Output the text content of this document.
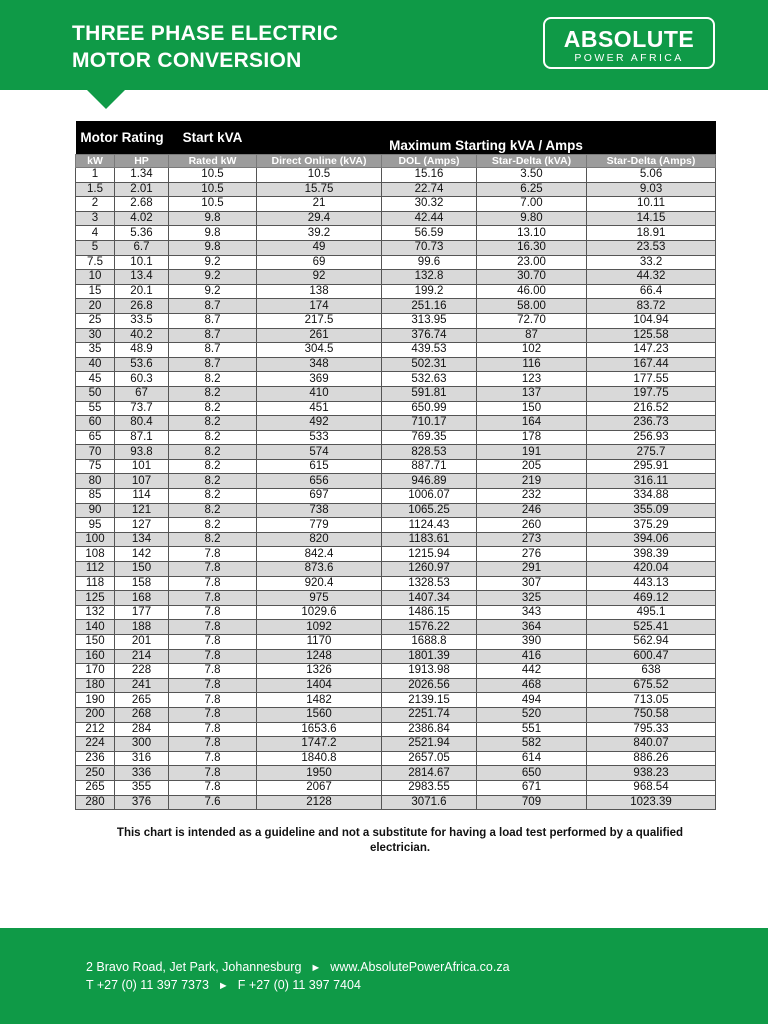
THREE PHASE ELECTRIC
MOTOR CONVERSION
ABSOLUTE
POWER AFRICA
Motor Rating		Start kVA	Maximum Starting kVA / Amps			
kW	HP	Rated kW	Direct Online (kVA)	DOL (Amps)	Star-Delta (kVA)	Star-Delta (Amps)
1	1.34	10.5	10.5	15.16	3.50	5.06
1.5	2.01	10.5	15.75	22.74	6.25	9.03
2	2.68	10.5	21	30.32	7.00	10.11
3	4.02	9.8	29.4	42.44	9.80	14.15
4	5.36	9.8	39.2	56.59	13.10	18.91
5	6.7	9.8	49	70.73	16.30	23.53
7.5	10.1	9.2	69	99.6	23.00	33.2
10	13.4	9.2	92	132.8	30.70	44.32
15	20.1	9.2	138	199.2	46.00	66.4
20	26.8	8.7	174	251.16	58.00	83.72
25	33.5	8.7	217.5	313.95	72.70	104.94
30	40.2	8.7	261	376.74	87	125.58
35	48.9	8.7	304.5	439.53	102	147.23
40	53.6	8.7	348	502.31	116	167.44
45	60.3	8.2	369	532.63	123	177.55
50	67	8.2	410	591.81	137	197.75
55	73.7	8.2	451	650.99	150	216.52
60	80.4	8.2	492	710.17	164	236.73
65	87.1	8.2	533	769.35	178	256.93
70	93.8	8.2	574	828.53	191	275.7
75	101	8.2	615	887.71	205	295.91
80	107	8.2	656	946.89	219	316.11
85	114	8.2	697	1006.07	232	334.88
90	121	8.2	738	1065.25	246	355.09
95	127	8.2	779	1124.43	260	375.29
100	134	8.2	820	1183.61	273	394.06
108	142	7.8	842.4	1215.94	276	398.39
112	150	7.8	873.6	1260.97	291	420.04
118	158	7.8	920.4	1328.53	307	443.13
125	168	7.8	975	1407.34	325	469.12
132	177	7.8	1029.6	1486.15	343	495.1
140	188	7.8	1092	1576.22	364	525.41
150	201	7.8	1170	1688.8	390	562.94
160	214	7.8	1248	1801.39	416	600.47
170	228	7.8	1326	1913.98	442	638
180	241	7.8	1404	2026.56	468	675.52
190	265	7.8	1482	2139.15	494	713.05
200	268	7.8	1560	2251.74	520	750.58
212	284	7.8	1653.6	2386.84	551	795.33
224	300	7.8	1747.2	2521.94	582	840.07
236	316	7.8	1840.8	2657.05	614	886.26
250	336	7.8	1950	2814.67	650	938.23
265	355	7.8	2067	2983.55	671	968.54
280	376	7.6	2128	3071.6	709	1023.39
This chart is intended as a guideline and not a substitute for having a load test performed by a qualified electrician.
2 Bravo Road, Jet Park, Johannesburg ► www.AbsolutePowerAfrica.co.za
T +27 (0) 11 397 7373 ► F +27 (0) 11 397 7404
